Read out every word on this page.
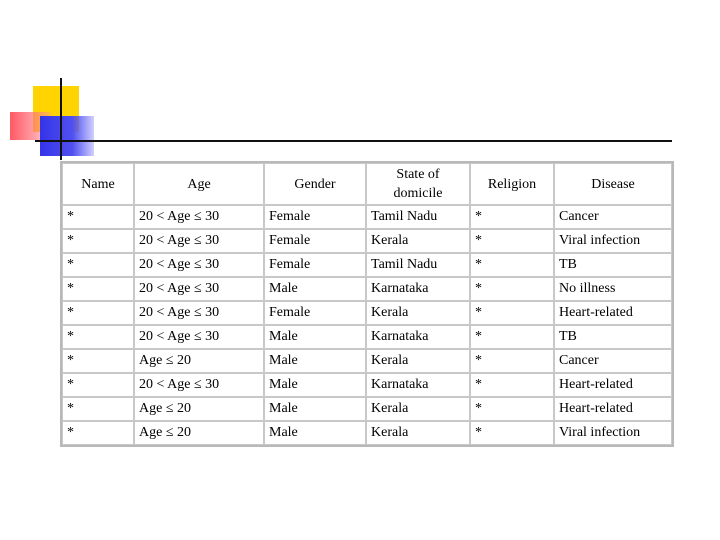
Name	Age	Gender	State of domicile	Religion	Disease
*	20 < Age ≤ 30	Female	Tamil Nadu	*	Cancer
*	20 < Age ≤ 30	Female	Kerala	*	Viral infection
*	20 < Age ≤ 30	Female	Tamil Nadu	*	TB
*	20 < Age ≤ 30	Male	Karnataka	*	No illness
*	20 < Age ≤ 30	Female	Kerala	*	Heart-related
*	20 < Age ≤ 30	Male	Karnataka	*	TB
*	Age ≤ 20	Male	Kerala	*	Cancer
*	20 < Age ≤ 30	Male	Karnataka	*	Heart-related
*	Age ≤ 20	Male	Kerala	*	Heart-related
*	Age ≤ 20	Male	Kerala	*	Viral infection
